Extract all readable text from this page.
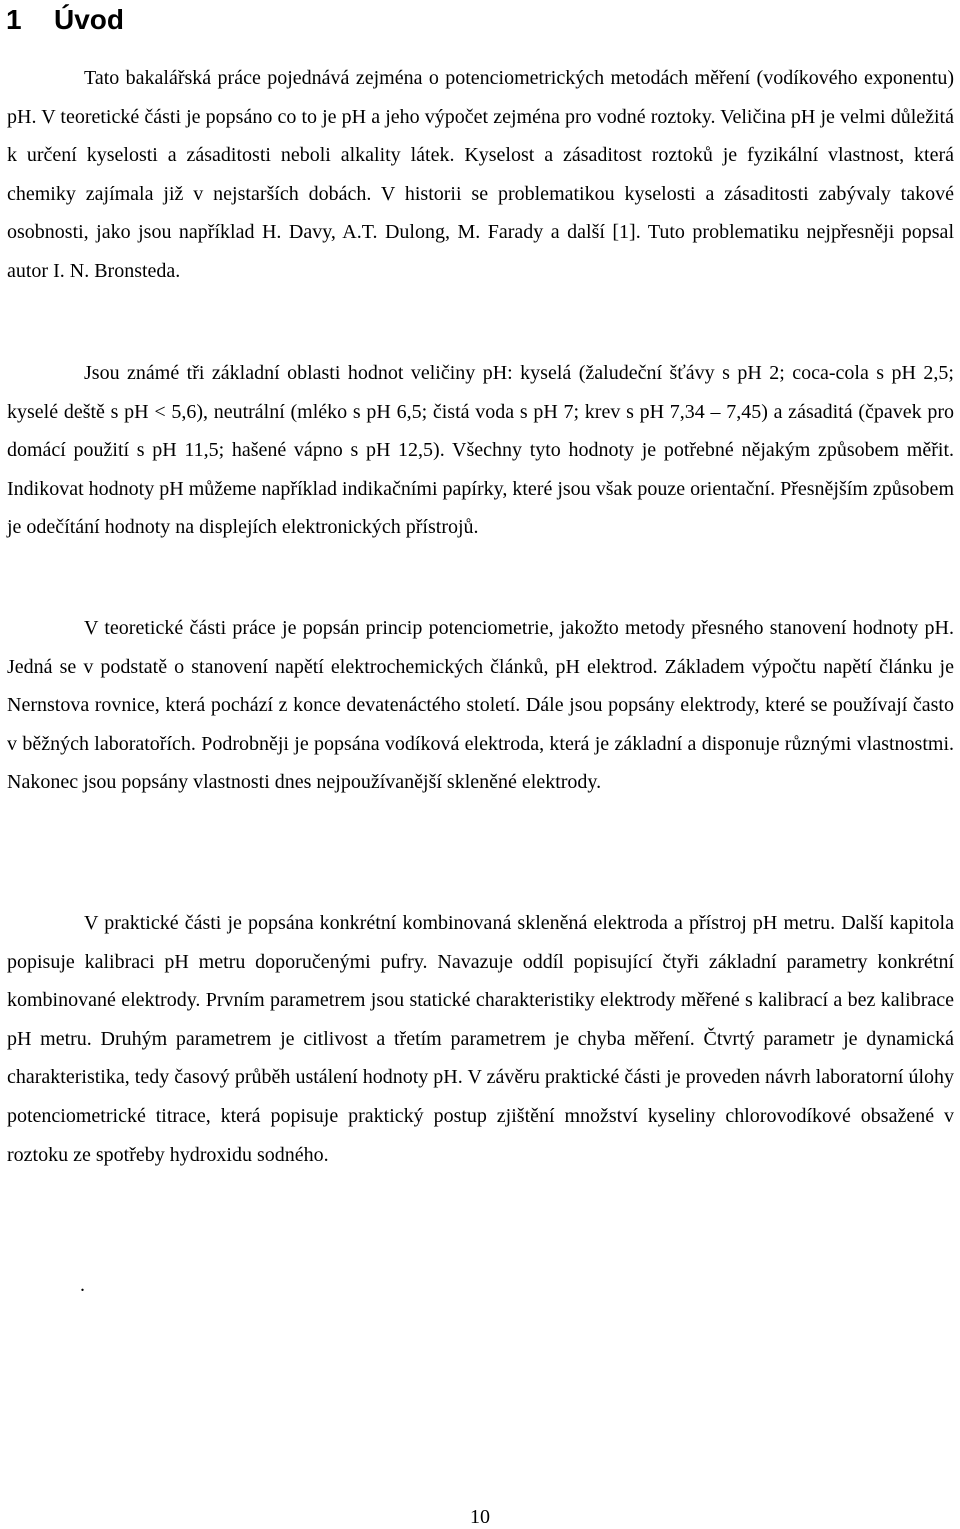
1 Úvod

Tato bakalářská práce pojednává zejména o potenciometrických metodách měření (vodíkového exponentu) pH. V teoretické části je popsáno co to je pH a jeho výpočet zejména pro vodné roztoky. Veličina pH je velmi důležitá k určení kyselosti a zásaditosti neboli alkality látek. Kyselost a zásaditost roztoků je fyzikální vlastnost, která chemiky zajímala již v nejstarších dobách. V historii se problematikou kyselosti a zásaditosti zabývaly takové osobnosti, jako jsou například H. Davy, A.T. Dulong, M. Farady a další [1]. Tuto problematiku nejpřesněji popsal autor I. N. Bronsteda.

Jsou známé tři základní oblasti hodnot veličiny pH: kyselá (žaludeční šťávy s pH 2; coca-cola s pH 2,5; kyselé deště s pH < 5,6), neutrální (mléko s pH 6,5; čistá voda s pH 7; krev s pH 7,34 – 7,45) a zásaditá (čpavek pro domácí použití s pH 11,5; hašené vápno s pH 12,5). Všechny tyto hodnoty je potřebné nějakým způsobem měřit. Indikovat hodnoty pH můžeme například indikačními papírky, které jsou však pouze orientační. Přesnějším způsobem je odečítání hodnoty na displejích elektronických přístrojů.

V teoretické části práce je popsán princip potenciometrie, jakožto metody přesného stanovení hodnoty pH. Jedná se v podstatě o stanovení napětí elektrochemických článků, pH elektrod. Základem výpočtu napětí článku je Nernstova rovnice, která pochází z konce devatenáctého století. Dále jsou popsány elektrody, které se používají často v běžných laboratořích. Podrobněji je popsána vodíková elektroda, která je základní a disponuje různými vlastnostmi. Nakonec jsou popsány vlastnosti dnes nejpoužívanější skleněné elektrody.

V praktické části je popsána konkrétní kombinovaná skleněná elektroda a přístroj pH metru. Další kapitola popisuje kalibraci pH metru doporučenými pufry. Navazuje oddíl popisující čtyři základní parametry konkrétní kombinované elektrody. Prvním parametrem jsou statické charakteristiky elektrody měřené s kalibrací a bez kalibrace pH metru. Druhým parametrem je citlivost a třetím parametrem je chyba měření. Čtvrtý parametr je dynamická charakteristika, tedy časový průběh ustálení hodnoty pH. V závěru praktické části je proveden návrh laboratorní úlohy potenciometrické titrace, která popisuje praktický postup zjištění množství kyseliny chlorovodíkové obsažené v roztoku ze spotřeby hydroxidu sodného.

.

10
